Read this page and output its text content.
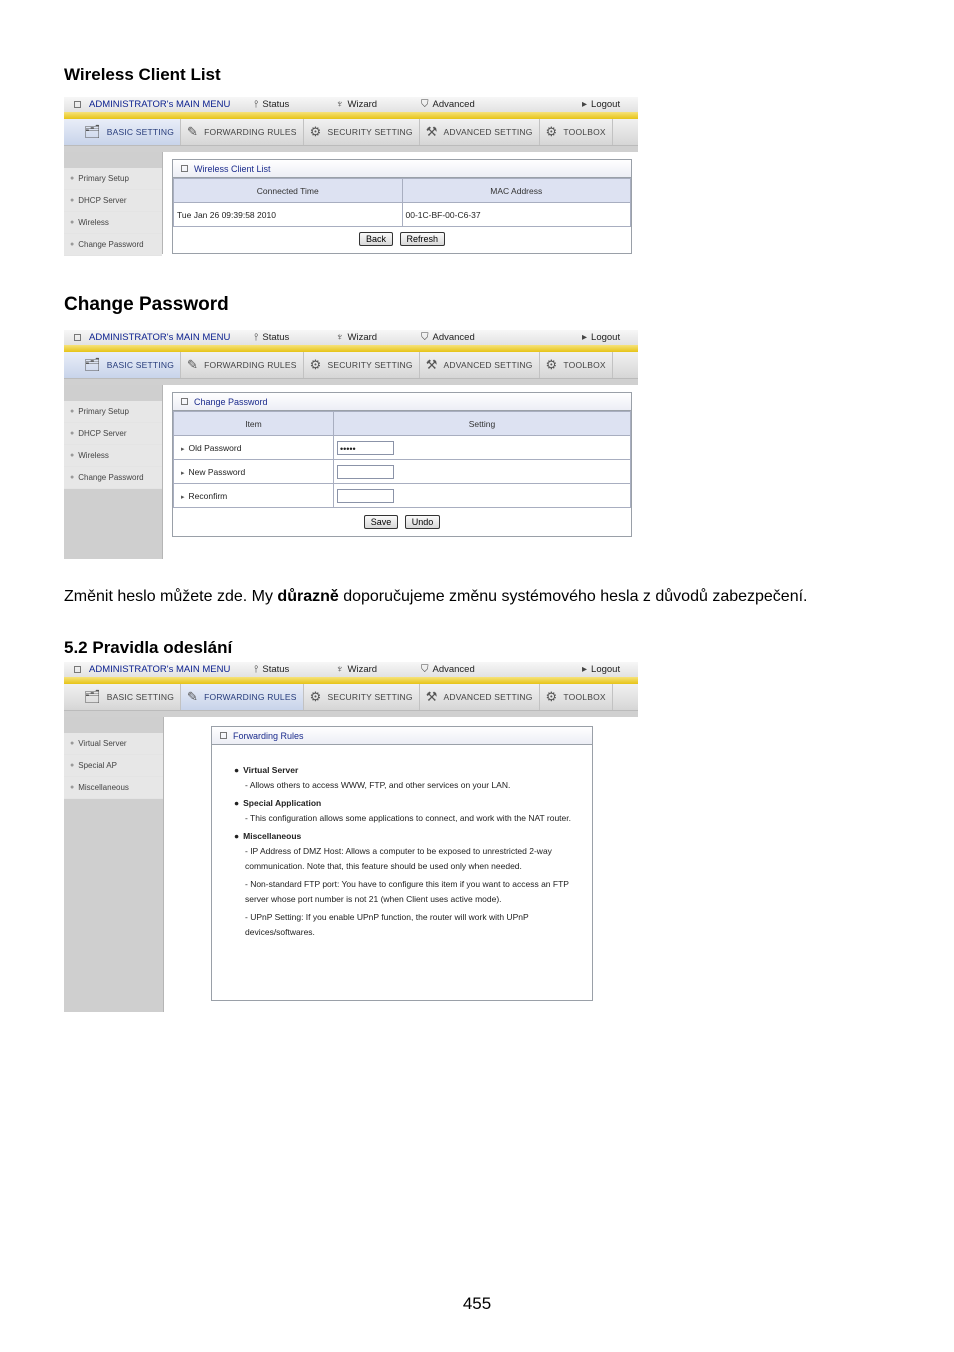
Wireless Client List
ADMINISTRATOR's MAIN MENU ⫯ Status	♆ Wizard	⛉ Advanced	▸ Logout
🗂 BASIC SETTING ✎ FORWARDING RULES ⚙ SECURITY SETTING ⚒ ADVANCED SETTING ⚙ TOOLBOX
● Primary Setup
● DHCP Server
● Wireless
● Change Password
Wireless Client List
Connected Time	MAC Address
Tue Jan 26 09:39:58 2010	00-1C-BF-00-C6-37
Back Refresh
Change Password
ADMINISTRATOR's MAIN MENU ⫯ Status	♆ Wizard	⛉ Advanced	▸ Logout
🗂 BASIC SETTING ✎ FORWARDING RULES ⚙ SECURITY SETTING ⚒ ADVANCED SETTING ⚙ TOOLBOX
● Primary Setup
● DHCP Server
● Wireless
● Change Password
Change Password
Item	Setting
▸ Old Password	•••••
▸ New Password	
▸ Reconfirm	
Save Undo

Změnit heslo můžete zde. My důrazně doporučujeme změnu systémového hesla z důvodů zabezpečení.

5.2 Pravidla odeslání
ADMINISTRATOR's MAIN MENU ⫯ Status	♆ Wizard	⛉ Advanced	▸ Logout
🗂 BASIC SETTING ✎ FORWARDING RULES ⚙ SECURITY SETTING ⚒ ADVANCED SETTING ⚙ TOOLBOX
● Virtual Server
● Special AP
● Miscellaneous
Forwarding Rules
● Virtual Server
- Allows others to access WWW, FTP, and other services on your LAN.
● Special Application
- This configuration allows some applications to connect, and work with the NAT router.
● Miscellaneous
- IP Address of DMZ Host: Allows a computer to be exposed to unrestricted 2-way communication. Note that, this feature should be used only when needed.
- Non-standard FTP port: You have to configure this item if you want to access an FTP server whose port number is not 21 (when Client uses active mode).
- UPnP Setting: If you enable UPnP function, the router will work with UPnP devices/softwares.
455
